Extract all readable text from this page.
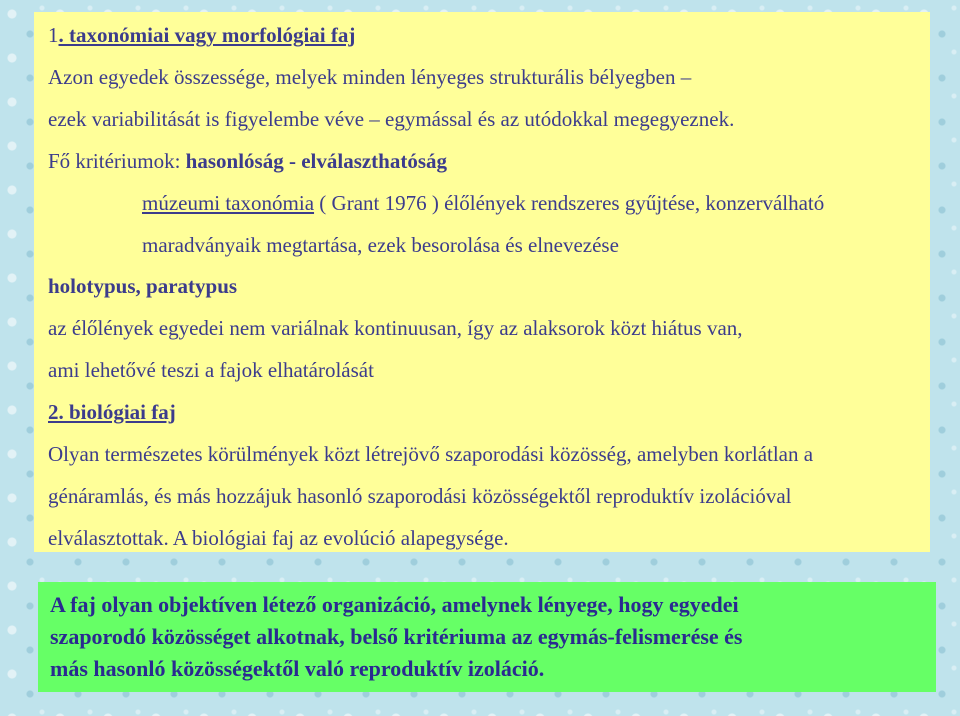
1. taxonómiai vagy morfológiai faj
Azon egyedek összessége, melyek minden lényeges strukturális bélyegben –
ezek variabilitását is figyelembe véve – egymással és az utódokkal megegyeznek.
Fő kritériumok: hasonlóság - elválaszthatóság
múzeumi taxonómia ( Grant 1976 ) élőlények rendszeres gyűjtése, konzerválható
maradványaik megtartása, ezek besorolása és elnevezése
holotypus, paratypus
az élőlények egyedei nem variálnak kontinuusan, így az alaksorok közt hiátus van,
ami lehetővé teszi a fajok elhatárolását
2. biológiai faj
Olyan természetes körülmények közt létrejövő szaporodási közösség, amelyben korlátlan a
génáramlás, és más hozzájuk hasonló szaporodási közösségektől reproduktív izolációval
elválasztottak. A biológiai faj az evolúció alapegysége.
A faj olyan objektíven létező organizáció, amelynek lényege, hogy egyedei
szaporodó közösséget alkotnak, belső kritériuma az egymás-felismerése és
más hasonló közösségektől való reproduktív izoláció.
